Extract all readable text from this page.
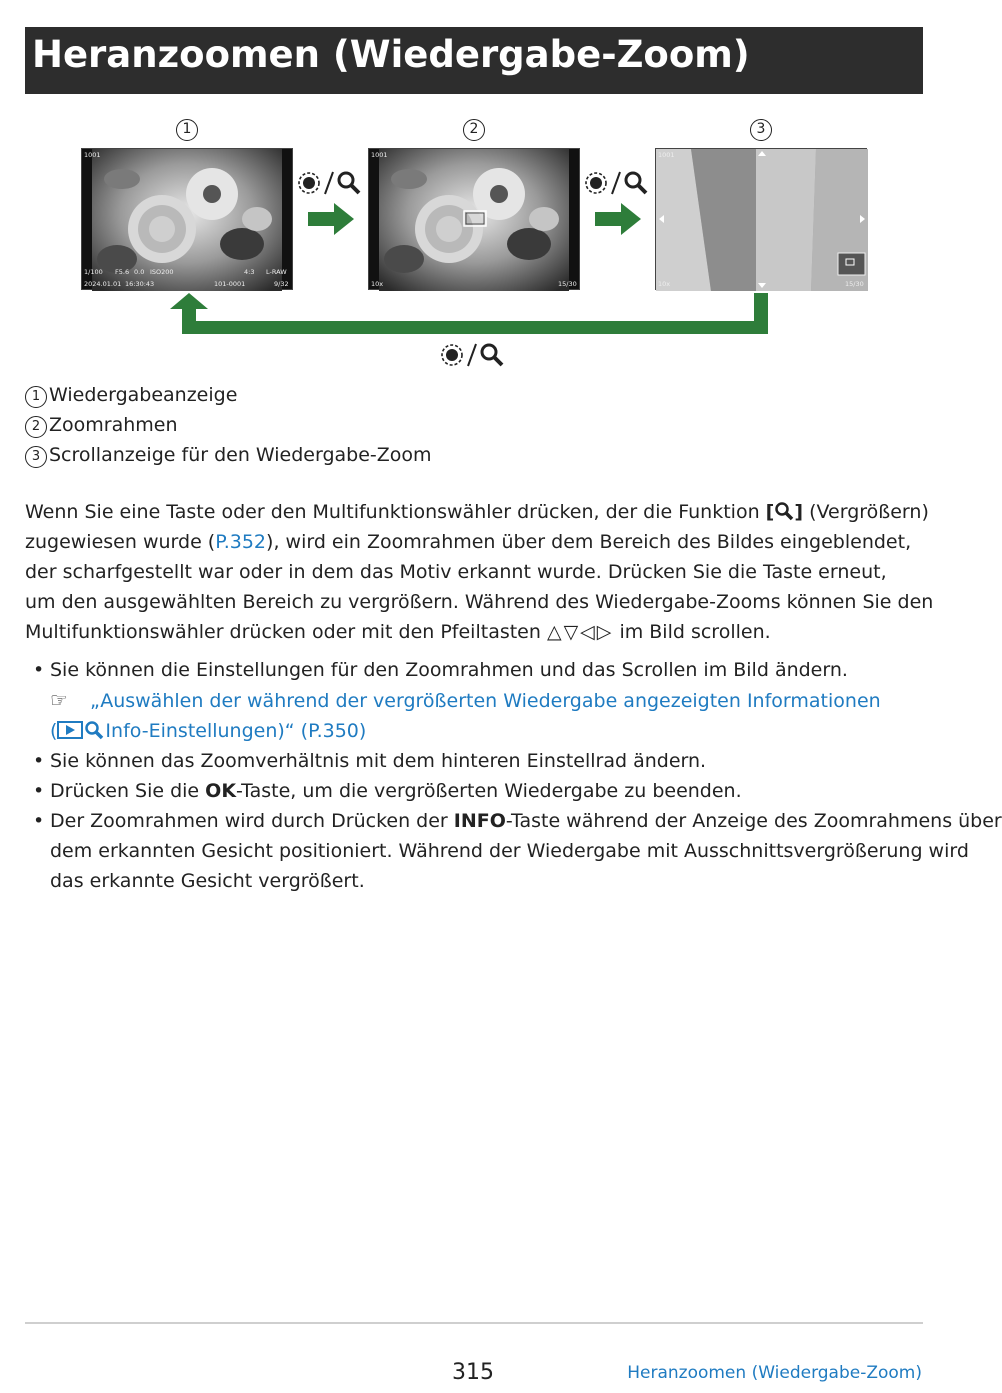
Heranzoomen (Wiedergabe-Zoom)
1	2	3
1001
1/100 F5.6 0.0 ISO200	4:3 L-RAW
2024.01.01 16:30:43	101-0001	9/32
1001
10x	15/30
1001
10x	15/30
1 Wiedergabeanzeige
2 Zoomrahmen
3 Scrollanzeige für den Wiedergabe-Zoom

Wenn Sie eine Taste oder den Multifunktionswähler drücken, der die Funktion [ ] (Vergrößern)

zugewiesen wurde (P.352), wird ein Zoomrahmen über dem Bereich des Bildes eingeblendet,

der scharfgestellt war oder in dem das Motiv erkannt wurde. Drücken Sie die Taste erneut,

um den ausgewählten Bereich zu vergrößern. Während des Wiedergabe-Zooms können Sie den

Multifunktionswähler drücken oder mit den Pfeiltasten △▽◁▷ im Bild scrollen.

• Sie können die Einstellungen für den Zoomrahmen und das Scrollen im Bild ändern.
☞ „Auswählen der während der vergrößerten Wiedergabe angezeigten Informationen
(	Info-Einstellungen)“ (P.350)
• Sie können das Zoomverhältnis mit dem hinteren Einstellrad ändern.
• Drücken Sie die OK-Taste, um die vergrößerten Wiedergabe zu beenden.
• Der Zoomrahmen wird durch Drücken der INFO-Taste während der Anzeige des Zoomrahmens über
dem erkannten Gesicht positioniert. Während der Wiedergabe mit Ausschnittsvergrößerung wird
das erkannte Gesicht vergrößert.
315	Heranzoomen (Wiedergabe-Zoom)
